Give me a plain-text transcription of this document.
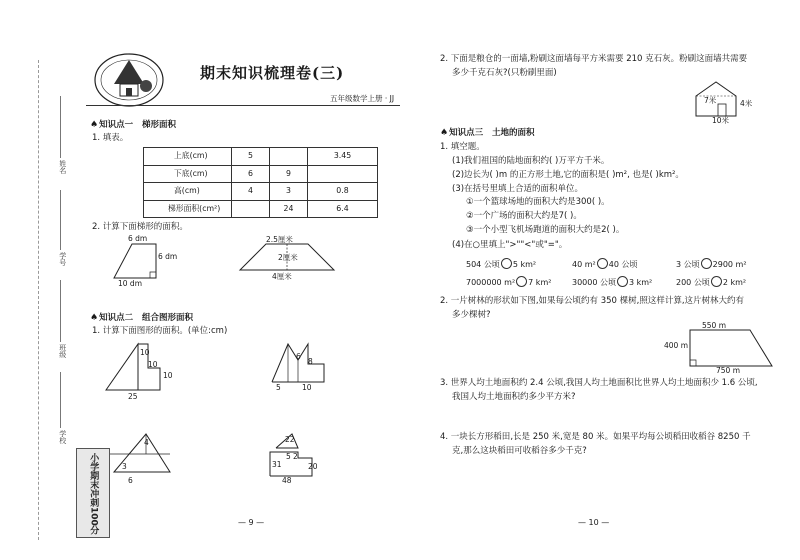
姓名
学号
班级
学校
小学期末冲刺100分
期末知识梳理卷(三)
五年级数学上册 · JJ
♠知识点一 梯形面积
1. 填表。
上底(cm)	5		3.45
下底(cm)	6	9	
高(cm)	4	3	0.8
梯形面积(cm²)		24	6.4
2. 计算下面梯形的面积。
6 dm
6 dm
10 dm
2.5厘米
2厘米
4厘米
♠知识点二 组合图形面积
1. 计算下面图形的面积。(单位:cm)
10
10
10
25
6
8
5	10
4
3
6
22
5 2
31	20
48
— 9 —
2. 下面是粮仓的一面墙,粉刷这面墙每平方米需要 210 克石灰。粉刷这面墙共需要
多少千克石灰?(只粉刷里面)
7米	4米
10米
♠知识点三 土地的面积
1. 填空题。
(1)我们祖国的陆地面积约( )万平方千米。
(2)边长为( )m 的正方形土地,它的面积是( )m², 也是( )km²。
(3)在括号里填上合适的面积单位。
①一个篮球场地的面积大约是300( )。
②一个广场的面积大约是7( )。
③一个小型飞机场跑道的面积大约是2( )。
(4)在○里填上">""<"或"="。
504 公顷 5 km²	40 m² 40 公顷	3 公顷 2900 m²
7000000 m² 7 km²	30000 公顷 3 km²	200 公顷 2 km²
2. 一片树林的形状如下图,如果每公顷约有 350 棵树,照这样计算,这片树林大约有
多少棵树?
550 m
400 m
750 m
3. 世界人均土地面积约 2.4 公顷,我国人均土地面积比世界人均土地面积少 1.6 公顷,
我国人均土地面积约多少平方米?
4. 一块长方形稻田,长是 250 米,宽是 80 米。如果平均每公顷稻田收稻谷 8250 千
克,那么这块稻田可收稻谷多少千克?
— 10 —
